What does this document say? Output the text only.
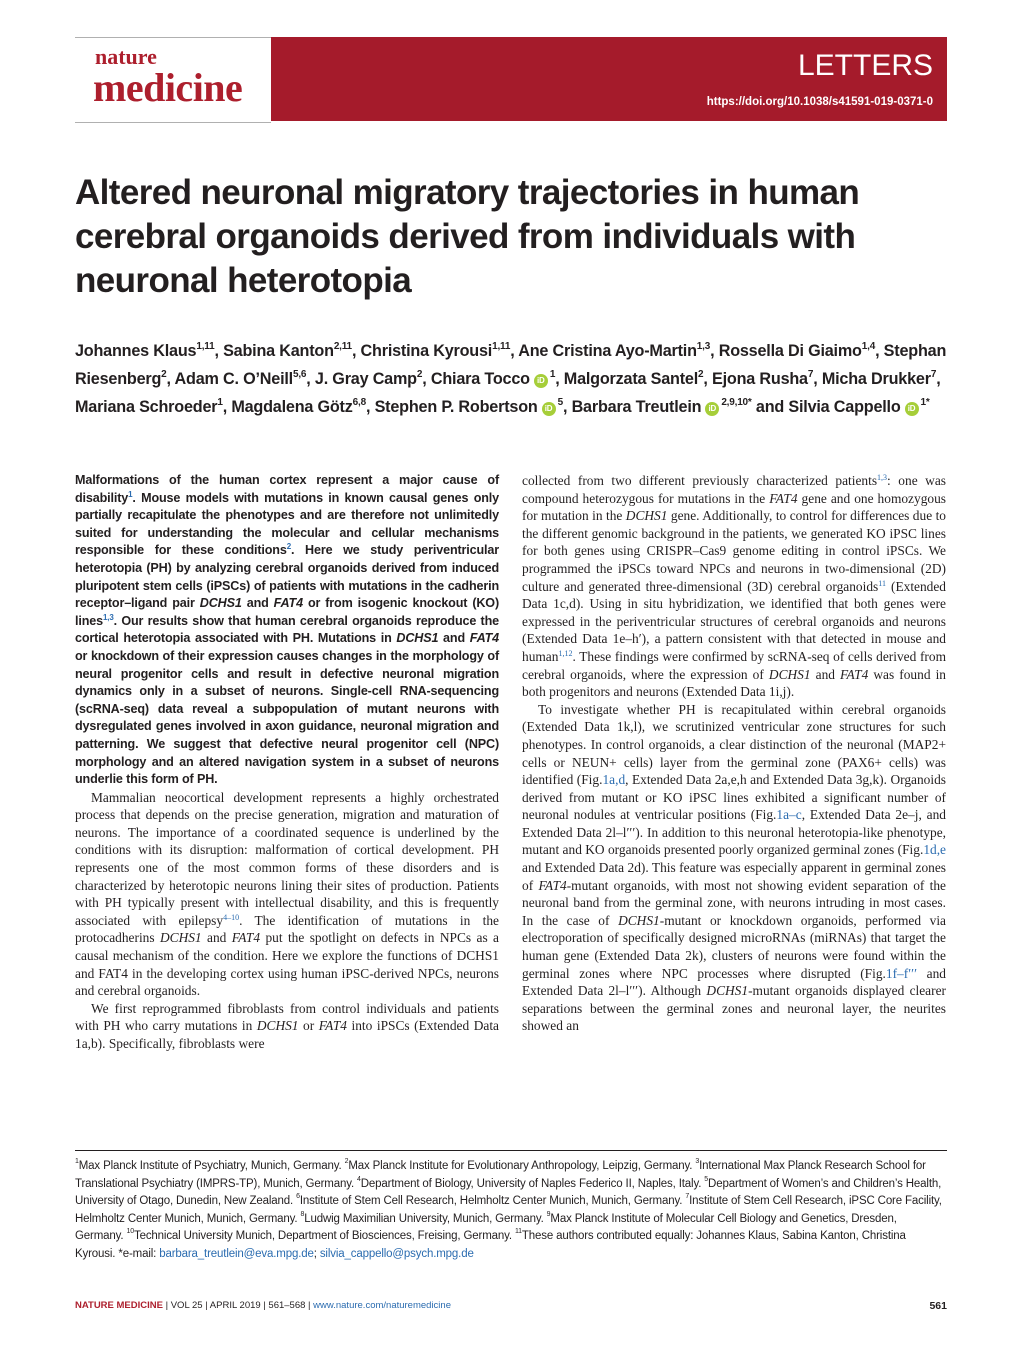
nature
medicine	LETTERS
https://doi.org/10.1038/s41591-019-0371-0
Altered neuronal migratory trajectories in human cerebral organoids derived from individuals with neuronal heterotopia
Johannes Klaus$^{1,11}$, Sabina Kanton$^{2,11}$, Christina Kyrousi$^{1,11}$, Ane Cristina Ayo-Martin$^{1,3}$, Rossella Di Giaimo$^{1,4}$, Stephan Riesenberg$^2$, Adam C. O’Neill$^{5,6}$, J. Gray Camp$^2$, Chiara Tocco $iD^1$, Malgorzata Santel$^2$, Ejona Rusha$^7$, Micha Drukker$^7$, Mariana Schroeder$^1$, Magdalena Götz$^{6,8}$, Stephen P. Robertson $iD^5$, Barbara Treutlein $iD^{2,9,10*}$ and Silvia Cappello $iD^{1*}$

Malformations of the human cortex represent a major cause of disability$^1$. Mouse models with mutations in known causal genes only partially recapitulate the phenotypes and are therefore not unlimitedly suited for understanding the molecular and cellular mechanisms responsible for these conditions$^2$. Here we study periventricular heterotopia (PH) by analyzing cerebral organoids derived from induced pluripotent stem cells (iPSCs) of patients with mutations in the cadherin receptor–ligand pair DCHS1 and FAT4 or from isogenic knockout (KO) lines$^{1,3}$. Our results show that human cerebral organoids reproduce the cortical heterotopia associated with PH. Mutations in DCHS1 and FAT4 or knockdown of their expression causes changes in the morphology of neural progenitor cells and result in defective neuronal migration dynamics only in a subset of neurons. Single-cell RNA-sequencing (scRNA-seq) data reveal a subpopulation of mutant neurons with dysregulated genes involved in axon guidance, neuronal migration and patterning. We suggest that defective neural progenitor cell (NPC) morphology and an altered navigation system in a subset of neurons underlie this form of PH.

Mammalian neocortical development represents a highly orchestrated process that depends on the precise generation, migration and maturation of neurons. The importance of a coordinated sequence is underlined by the conditions with its disruption: malformation of cortical development. PH represents one of the most common forms of these disorders and is characterized by heterotopic neurons lining their sites of production. Patients with PH typically present with intellectual disability, and this is frequently associated with epilepsy$^{4-10}$. The identification of mutations in the protocadherins DCHS1 and FAT4 put the spotlight on defects in NPCs as a causal mechanism of the condition. Here we explore the functions of DCHS1 and FAT4 in the developing cortex using human iPSC-derived NPCs, neurons and cerebral organoids.

We first reprogrammed fibroblasts from control individuals and patients with PH who carry mutations in DCHS1 or FAT4 into iPSCs (Extended Data 1a,b). Specifically, fibroblasts were

collected from two different previously characterized patients$^{1,3}$: one was compound heterozygous for mutations in the FAT4 gene and one homozygous for mutation in the DCHS1 gene. Additionally, to control for differences due to the different genomic background in the patients, we generated KO iPSC lines for both genes using CRISPR–Cas9 genome editing in control iPSCs. We programmed the iPSCs toward NPCs and neurons in two-dimensional (2D) culture and generated three-dimensional (3D) cerebral organoids$^{11}$ (Extended Data 1c,d). Using in situ hybridization, we identified that both genes were expressed in the periventricular structures of cerebral organoids and neurons (Extended Data 1e–h′), a pattern consistent with that detected in mouse and human$^{1,12}$. These findings were confirmed by scRNA-seq of cells derived from cerebral organoids, where the expression of DCHS1 and FAT4 was found in both progenitors and neurons (Extended Data 1i,j).

To investigate whether PH is recapitulated within cerebral organoids (Extended Data 1k,l), we scrutinized ventricular zone structures for such phenotypes. In control organoids, a clear distinction of the neuronal (MAP2+ cells or NEUN+ cells) layer from the germinal zone (PAX6+ cells) was identified (Fig.1a,d, Extended Data 2a,e,h and Extended Data 3g,k). Organoids derived from mutant or KO iPSC lines exhibited a significant number of neuronal nodules at ventricular positions (Fig.1a–c, Extended Data 2e–j, and Extended Data 2l–l′′′). In addition to this neuronal heterotopia-like phenotype, mutant and KO organoids presented poorly organized germinal zones (Fig.1d,e and Extended Data 2d). This feature was especially apparent in germinal zones of FAT4-mutant organoids, with most not showing evident separation of the neuronal band from the germinal zone, with neurons intruding in most cases. In the case of DCHS1-mutant or knockdown organoids, performed via electroporation of specifically designed microRNAs (miRNAs) that target the human gene (Extended Data 2k), clusters of neurons were found within the germinal zones where NPC processes where disrupted (Fig.1f–f′′′ and Extended Data 2l–l′′′). Although DCHS1-mutant organoids displayed clearer separations between the germinal zones and neuronal layer, the neurites showed an

$^1$Max Planck Institute of Psychiatry, Munich, Germany. $^2$Max Planck Institute for Evolutionary Anthropology, Leipzig, Germany. $^3$International Max Planck Research School for Translational Psychiatry (IMPRS-TP), Munich, Germany. $^4$Department of Biology, University of Naples Federico II, Naples, Italy. $^5$Department of Women’s and Children’s Health, University of Otago, Dunedin, New Zealand. $^6$Institute of Stem Cell Research, Helmholtz Center Munich, Munich, Germany. $^7$Institute of Stem Cell Research, iPSC Core Facility, Helmholtz Center Munich, Munich, Germany. $^8$Ludwig Maximilian University, Munich, Germany. $^9$Max Planck Institute of Molecular Cell Biology and Genetics, Dresden, Germany. $^{10}$Technical University Munich, Department of Biosciences, Freising, Germany. $^{11}$These authors contributed equally: Johannes Klaus, Sabina Kanton, Christina Kyrousi. *e-mail: barbara_treutlein@eva.mpg.de; silvia_cappello@psych.mpg.de
NATURE MEDICINE | VOL 25 | APRIL 2019 | 561–568 | www.nature.com/naturemedicine	561
